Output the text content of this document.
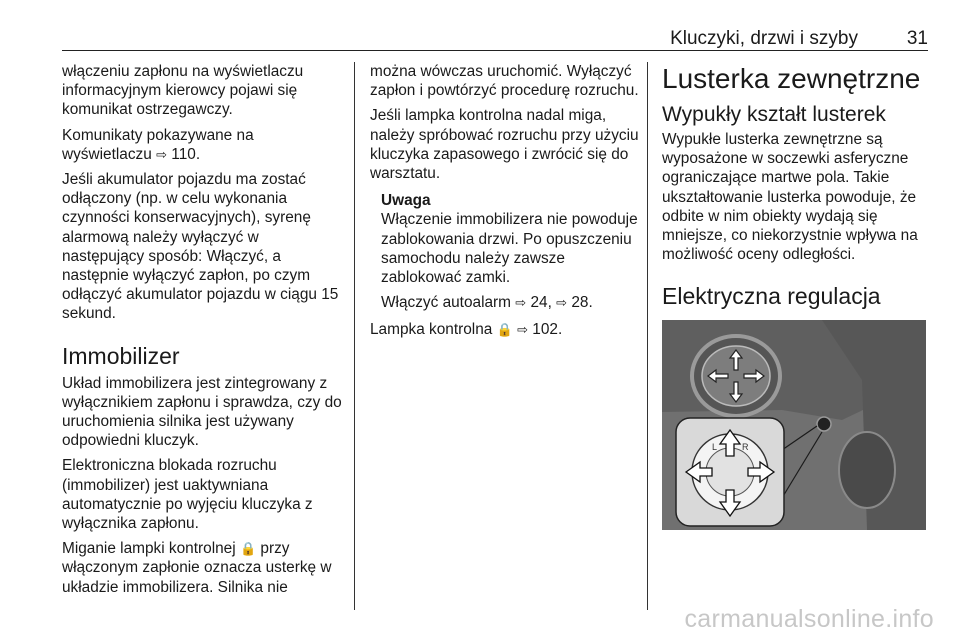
Kluczyki, drzwi i szyby	31

włączeniu zapłonu na wyświetlaczu informacyjnym kierowcy pojawi się komunikat ostrzegawczy.

Komunikaty pokazywane na wyświetlaczu ⇨ 110.

Jeśli akumulator pojazdu ma zostać odłączony (np. w celu wykonania czynności konserwacyjnych), syrenę alarmową należy wyłączyć w następujący sposób: Włączyć, a następnie wyłączyć zapłon, po czym odłączyć akumulator pojazdu w ciągu 15 sekund.

Immobilizer

Układ immobilizera jest zintegrowany z wyłącznikiem zapłonu i sprawdza, czy do uruchomienia silnika jest używany odpowiedni kluczyk.

Elektroniczna blokada rozruchu (immobilizer) jest uaktywniana automatycznie po wyjęciu kluczyka z wyłącznika zapłonu.

Miganie lampki kontrolnej 🔒 przy włączonym zapłonie oznacza usterkę w układzie immobilizera. Silnika nie

można wówczas uruchomić. Wyłączyć zapłon i powtórzyć procedurę rozruchu.

Jeśli lampka kontrolna nadal miga, należy spróbować rozruchu przy użyciu kluczyka zapasowego i zwrócić się do warsztatu.

Uwaga

Włączenie immobilizera nie powoduje zablokowania drzwi. Po opuszczeniu samochodu należy zawsze zablokować zamki.

Włączyć autoalarm ⇨ 24, ⇨ 28.

Lampka kontrolna 🔒 ⇨ 102.

Lusterka zewnętrzne
Wypukły kształt lusterek

Wypukłe lusterka zewnętrzne są wyposażone w soczewki asferyczne ograniczające martwe pola. Takie ukształtowanie lusterka powoduje, że odbite w nim obiekty wydają się mniejsze, co niekorzystnie wpływa na możliwość oceny odległości.

Elektryczna regulacja
L	R
carmanualsonline.info
